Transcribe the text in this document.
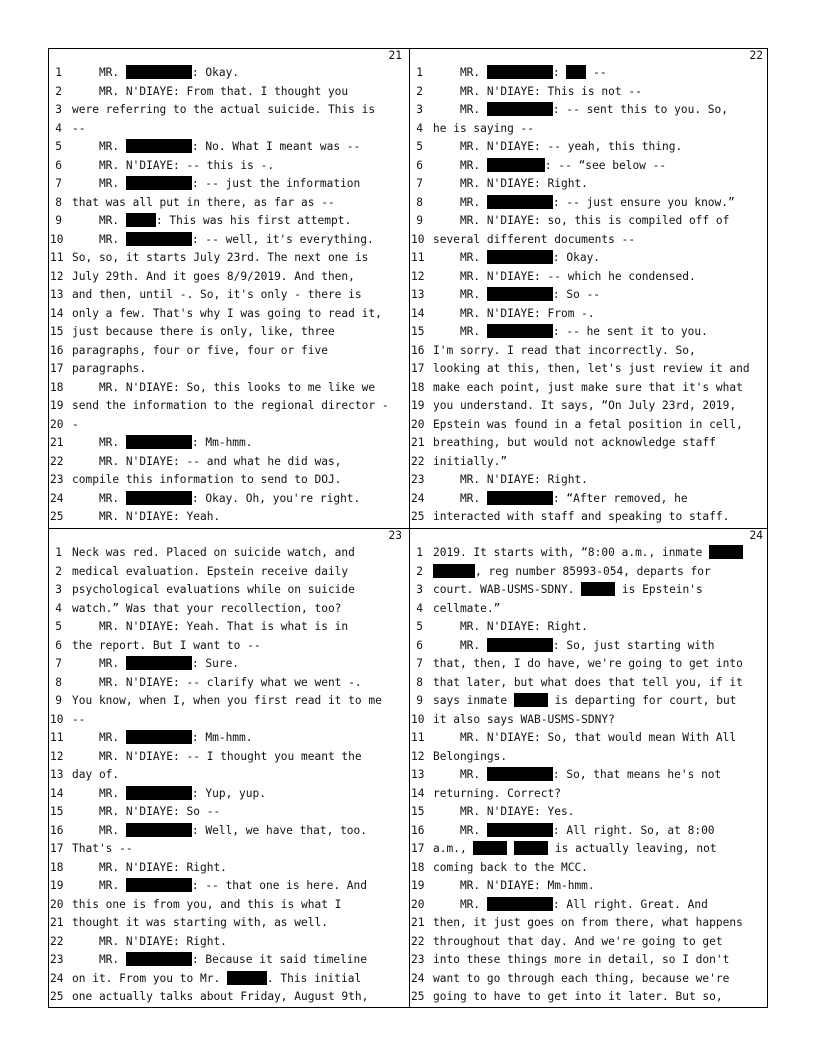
21
1    MR.	: Okay.
2    MR. N'DIAYE: From that. I thought you
3 were referring to the actual suicide. This is
4 --
5    MR.	: No. What I meant was --
6    MR. N'DIAYE: -- this is -.
7    MR.	: -- just the information
8 that was all put in there, as far as --
9    MR.	: This was his first attempt.
10    MR.	: -- well, it's everything.
11 So, so, it starts July 23rd. The next one is
12 July 29th. And it goes 8/9/2019. And then,
13 and then, until -. So, it's only - there is
14 only a few. That's why I was going to read it,
15 just because there is only, like, three
16 paragraphs, four or five, four or five
17 paragraphs.
18    MR. N'DIAYE: So, this looks to me like we
19 send the information to the regional director -
20 -
21    MR.	: Mm-hmm.
22    MR. N'DIAYE: -- and what he did was,
23 compile this information to send to DOJ.
24    MR.	: Okay. Oh, you're right.
25    MR. N'DIAYE: Yeah.
22
1    MR.	:  --
2    MR. N'DIAYE: This is not --
3    MR.	: -- sent this to you. So,
4 he is saying --
5    MR. N'DIAYE: -- yeah, this thing.
6    MR.	: -- “see below --
7    MR. N'DIAYE: Right.
8    MR.	: -- just ensure you know.”
9    MR. N'DIAYE: so, this is compiled off of
10 several different documents --
11    MR.	: Okay.
12    MR. N'DIAYE: -- which he condensed.
13    MR.	: So --
14    MR. N'DIAYE: From -.
15    MR.	: -- he sent it to you.
16 I'm sorry. I read that incorrectly. So,
17 looking at this, then, let's just review it and
18 make each point, just make sure that it's what
19 you understand. It says, “On July 23rd, 2019,
20 Epstein was found in a fetal position in cell,
21 breathing, but would not acknowledge staff
22 initially.”
23    MR. N'DIAYE: Right.
24    MR.	: “After removed, he
25 interacted with staff and speaking to staff.
23
1 Neck was red. Placed on suicide watch, and
2 medical evaluation. Epstein receive daily
3 psychological evaluations while on suicide
4 watch.” Was that your recollection, too?
5    MR. N'DIAYE: Yeah. That is what is in
6 the report. But I want to --
7    MR.	: Sure.
8    MR. N'DIAYE: -- clarify what we went -.
9 You know, when I, when you first read it to me
10 --
11    MR.	: Mm-hmm.
12    MR. N'DIAYE: -- I thought you meant the
13 day of.
14    MR.	: Yup, yup.
15    MR. N'DIAYE: So --
16    MR.	: Well, we have that, too.
17 That's --
18    MR. N'DIAYE: Right.
19    MR.	: -- that one is here. And
20 this one is from you, and this is what I
21 thought it was starting with, as well.
22    MR. N'DIAYE: Right.
23    MR.	: Because it said timeline
24 on it. From you to Mr.	. This initial
25 one actually talks about Friday, August 9th,
24
1 2019. It starts with, “8:00 a.m., inmate
2	, reg number 85993-054, departs for
3 court. WAB-USMS-SDNY.	is Epstein's
4 cellmate.”
5    MR. N'DIAYE: Right.
6    MR.	: So, just starting with
7 that, then, I do have, we're going to get into
8 that later, but what does that tell you, if it
9 says inmate	is departing for court, but
10 it also says WAB-USMS-SDNY?
11    MR. N'DIAYE: So, that would mean With All
12 Belongings.
13    MR.	: So, that means he's not
14 returning. Correct?
15    MR. N'DIAYE: Yes.
16    MR.	: All right. So, at 8:00
17 a.m.,	is actually leaving, not
18 coming back to the MCC.
19    MR. N'DIAYE: Mm-hmm.
20    MR.	: All right. Great. And
21 then, it just goes on from there, what happens
22 throughout that day. And we're going to get
23 into these things more in detail, so I don't
24 want to go through each thing, because we're
25 going to have to get into it later. But so,
